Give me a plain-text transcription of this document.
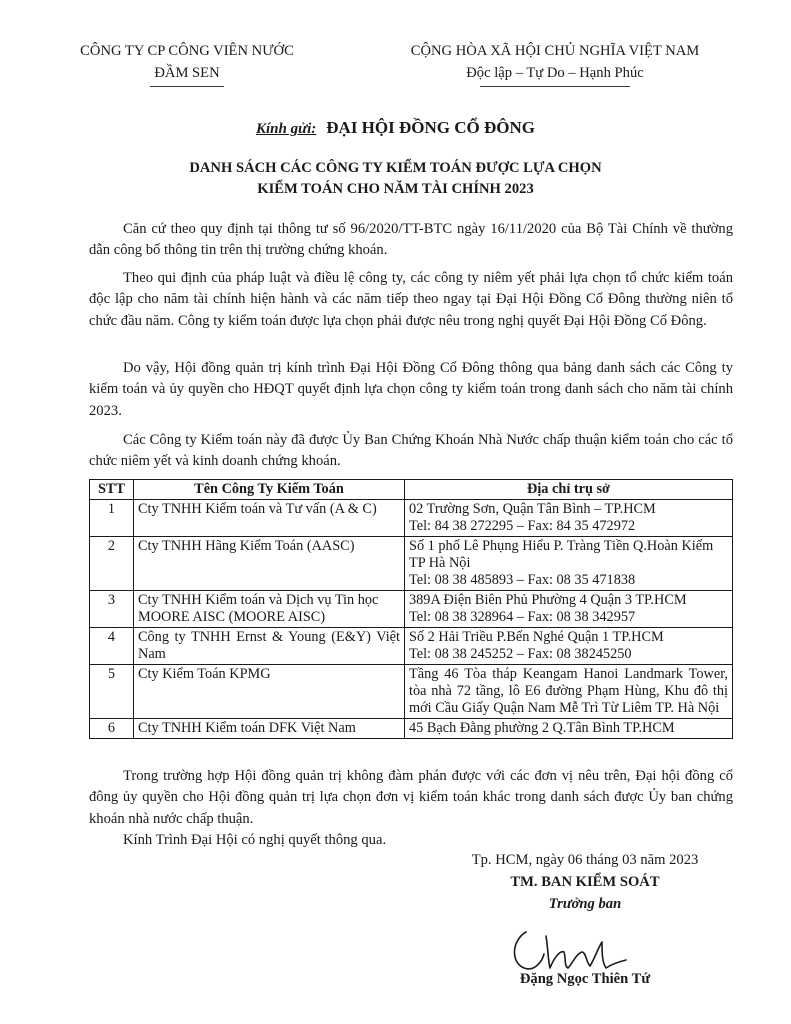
CÔNG TY CP CÔNG VIÊN NƯỚC
ĐẦM SEN
CỘNG HÒA XÃ HỘI CHỦ NGHĨA VIỆT NAM
Độc lập – Tự Do – Hạnh Phúc
Kính gửi: ĐẠI HỘI ĐỒNG CỔ ĐÔNG
DANH SÁCH CÁC CÔNG TY KIỂM TOÁN ĐƯỢC LỰA CHỌN
KIỂM TOÁN CHO NĂM TÀI CHÍNH 2023
Căn cứ theo quy định tại thông tư số 96/2020/TT-BTC ngày 16/11/2020 của Bộ Tài Chính về thường dẫn công bố thông tin trên thị trường chứng khoán.
Theo qui định của pháp luật và điều lệ công ty, các công ty niêm yết phải lựa chọn tổ chức kiểm toán độc lập cho năm tài chính hiện hành và các năm tiếp theo ngay tại Đại Hội Đồng Cổ Đông thường niên tổ chức đầu năm. Công ty kiểm toán được lựa chọn phải được nêu trong nghị quyết Đại Hội Đồng Cổ Đông.
Do vậy, Hội đồng quản trị kính trình Đại Hội Đồng Cổ Đông thông qua bảng danh sách các Công ty kiểm toán và ủy quyền cho HĐQT quyết định lựa chọn công ty kiểm toán trong danh sách cho năm tài chính 2023.
Các Công ty Kiểm toán này đã được Ủy Ban Chứng Khoán Nhà Nước chấp thuận kiểm toán cho các tổ chức niêm yết và kinh doanh chứng khoán.
STT	Tên Công Ty Kiểm Toán	Địa chỉ trụ sở
1	Cty TNHH Kiểm toán và Tư vấn (A & C)	02 Trường Sơn, Quận Tân Bình – TP.HCM
Tel: 84 38 272295 – Fax: 84 35 472972

2	Cty TNHH Hãng Kiểm Toán (AASC)	Số 1 phố Lê Phụng Hiểu P. Tràng Tiền Q.Hoàn Kiếm TP Hà Nội
Tel: 08 38 485893 – Fax: 08 35 471838

3	Cty TNHH Kiểm toán và Dịch vụ Tin học MOORE AISC (MOORE AISC)	389A Điện Biên Phủ Phường 4 Quận 3 TP.HCM
Tel: 08 38 328964 – Fax: 08 38 342957

4	Công ty TNHH Ernst & Young (E&Y) Việt Nam	Số 2 Hải Triều P.Bến Nghé Quận 1 TP.HCM
Tel: 08 38 245252 – Fax: 08 38245250

5	Cty Kiểm Toán KPMG	Tầng 46 Tòa tháp Keangam Hanoi Landmark Tower, tòa nhà 72 tầng, lô E6 đường Phạm Hùng, Khu đô thị mới Cầu Giấy Quận Nam Mễ Trì Từ Liêm TP. Hà Nội

6	Cty TNHH Kiểm toán DFK Việt Nam	45 Bạch Đằng phường 2 Q.Tân Bình TP.HCM
Trong trường hợp Hội đồng quản trị không đàm phán được với các đơn vị nêu trên, Đại hội đồng cổ đông ủy quyền cho Hội đồng quản trị lựa chọn đơn vị kiểm toán khác trong danh sách được Ủy ban chứng khoán nhà nước chấp thuận.
Kính Trình Đại Hội có nghị quyết thông qua.
Tp. HCM, ngày 06 tháng 03 năm 2023
TM. BAN KIỂM SOÁT
Trưởng ban
Đặng Ngọc Thiên Tứ
